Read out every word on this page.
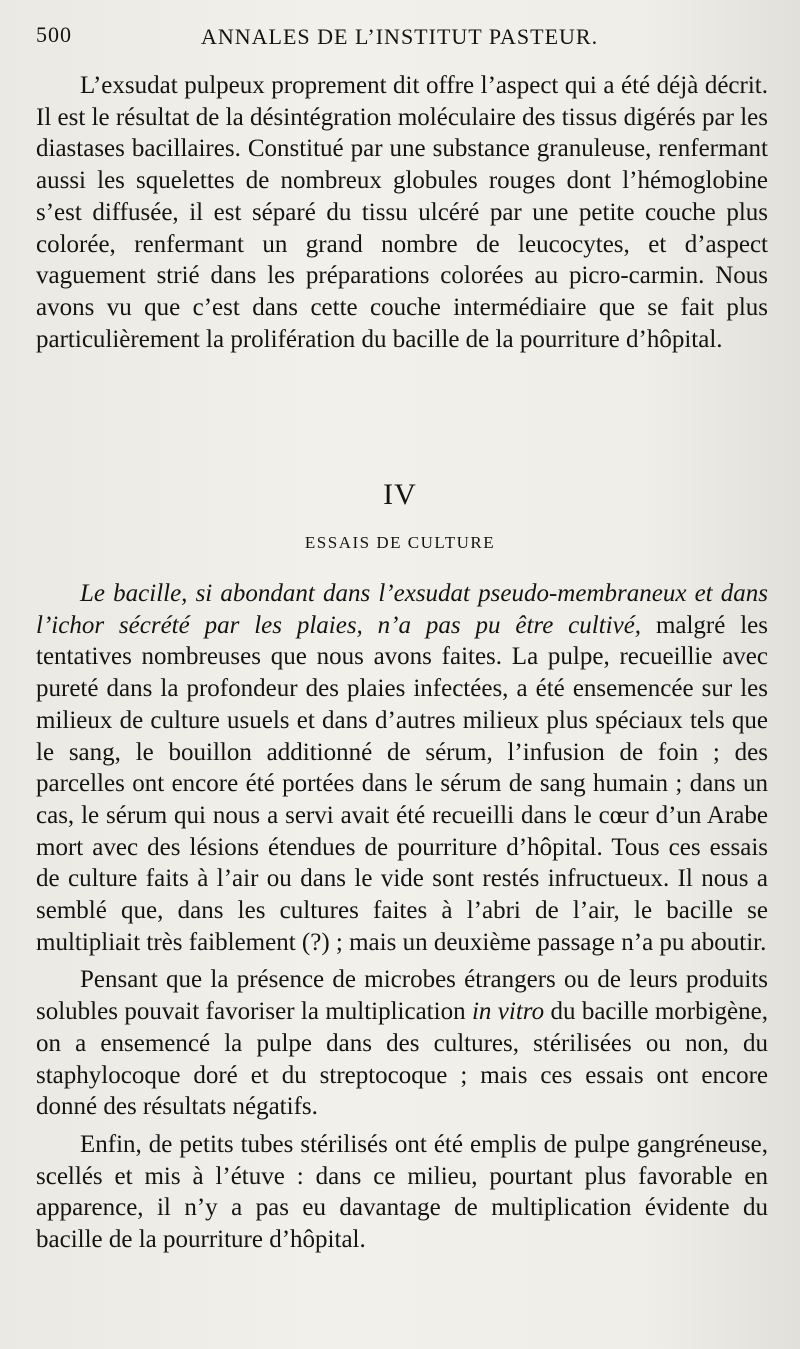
500	ANNALES DE L’INSTITUT PASTEUR.

L’exsudat pulpeux proprement dit offre l’aspect qui a été déjà décrit. Il est le résultat de la désintégration moléculaire des tissus digérés par les diastases bacillaires. Constitué par une substance granuleuse, renfermant aussi les squelettes de nombreux globules rouges dont l’hémoglobine s’est diffusée, il est séparé du tissu ulcéré par une petite couche plus colorée, renfermant un grand nombre de leucocytes, et d’aspect vaguement strié dans les préparations colorées au picro-carmin. Nous avons vu que c’est dans cette couche intermédiaire que se fait plus particulièrement la prolifération du bacille de la pourriture d’hôpital.

IV
ESSAIS DE CULTURE

Le bacille, si abondant dans l’exsudat pseudo-membraneux et dans l’ichor sécrété par les plaies, n’a pas pu être cultivé, malgré les tentatives nombreuses que nous avons faites. La pulpe, recueillie avec pureté dans la profondeur des plaies infectées, a été ensemencée sur les milieux de culture usuels et dans d’autres milieux plus spéciaux tels que le sang, le bouillon additionné de sérum, l’infusion de foin ; des parcelles ont encore été portées dans le sérum de sang humain ; dans un cas, le sérum qui nous a servi avait été recueilli dans le cœur d’un Arabe mort avec des lésions étendues de pourriture d’hôpital. Tous ces essais de culture faits à l’air ou dans le vide sont restés infructueux. Il nous a semblé que, dans les cultures faites à l’abri de l’air, le bacille se multipliait très faiblement (?) ; mais un deuxième passage n’a pu aboutir.

Pensant que la présence de microbes étrangers ou de leurs produits solubles pouvait favoriser la multiplication in vitro du bacille morbigène, on a ensemencé la pulpe dans des cultures, stérilisées ou non, du staphylocoque doré et du streptocoque ; mais ces essais ont encore donné des résultats négatifs.

Enfin, de petits tubes stérilisés ont été emplis de pulpe gangréneuse, scellés et mis à l’étuve : dans ce milieu, pourtant plus favorable en apparence, il n’y a pas eu davantage de multiplication évidente du bacille de la pourriture d’hôpital.
